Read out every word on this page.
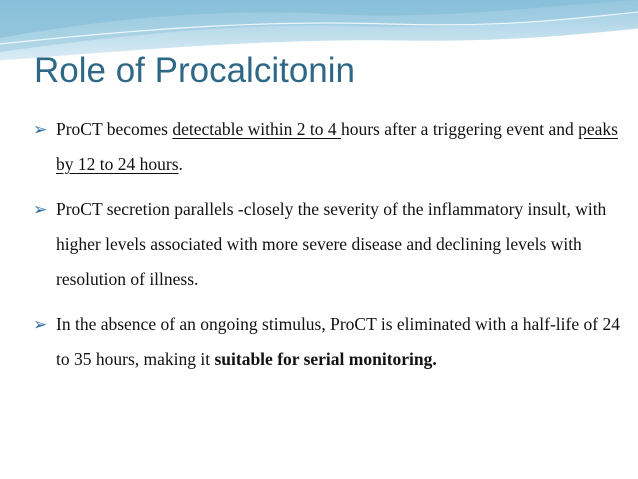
Role of Procalcitonin
➢ ProCT becomes detectable within 2 to 4 hours after a triggering event and peaks by 12 to 24 hours.
➢ ProCT secretion parallels -closely the severity of the inflammatory insult, with higher levels associated with more severe disease and declining levels with resolution of illness.
➢ In the absence of an ongoing stimulus, ProCT is eliminated with a half-life of 24 to 35 hours, making it suitable for serial monitoring.
